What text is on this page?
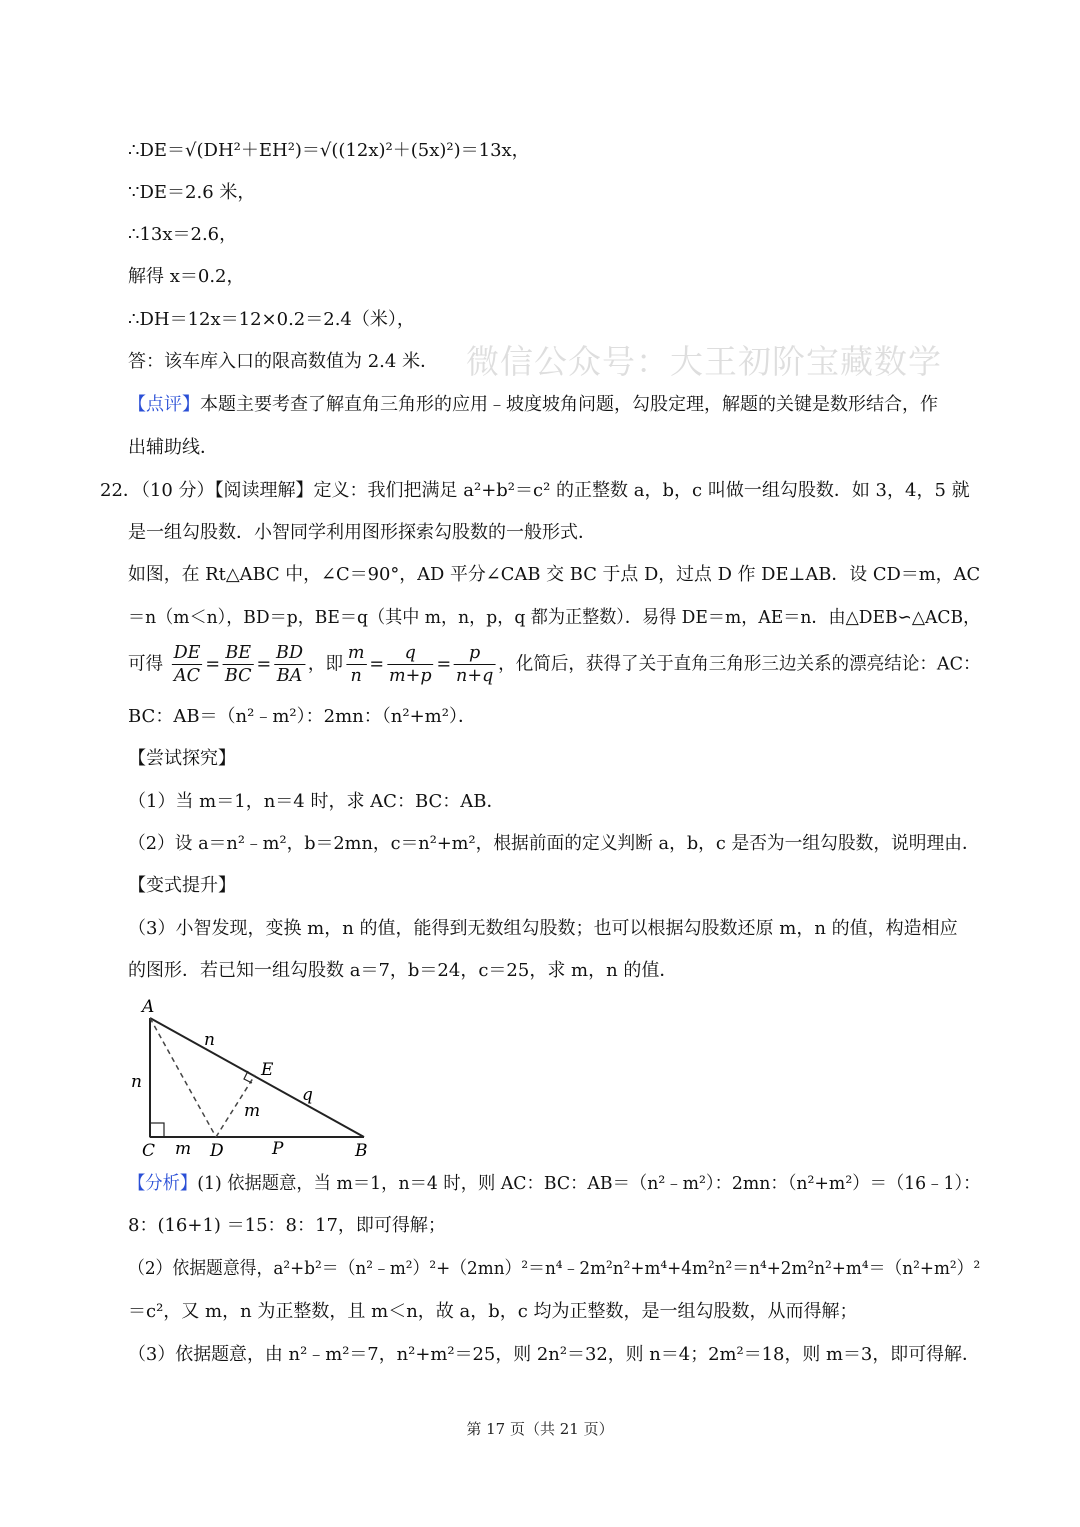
微信公众号：大王初阶宝藏数学
∴DE＝√(DH²＋EH²)＝√((12x)²＋(5x)²)＝13x，
∵DE＝2.6 米，
∴13x＝2.6，
解得 x＝0.2，
∴DH＝12x＝12×0.2＝2.4（米），
答：该车库入口的限高数值为 2.4 米．
【点评】本题主要考查了解直角三角形的应用﹣坡度坡角问题，勾股定理，解题的关键是数形结合，作
出辅助线．
22．（10 分）【阅读理解】定义：我们把满足 a²+b²＝c² 的正整数 a，b，c 叫做一组勾股数．如 3，4，5 就
是一组勾股数．小智同学利用图形探索勾股数的一般形式．
如图，在 Rt△ABC 中，∠C＝90°，AD 平分∠CAB 交 BC 于点 D，过点 D 作 DE⊥AB．设 CD＝m，AC
＝n（m＜n），BD＝p，BE＝q（其中 m，n，p，q 都为正整数）．易得 DE＝m，AE＝n．由△DEB∽△ACB，
可得 $\frac{DE}{AC} = \frac{BE}{BC} = \frac{BD}{BA}$ ，即 $\frac{m}{n} = \frac{q}{m+p} = \frac{p}{n+q}$ ，化简后，获得了关于直角三角形三边关系的漂亮结论：AC：
BC：AB＝（n²﹣m²）：2mn：（n²+m²）．
【尝试探究】
（1）当 m＝1，n＝4 时，求 AC：BC：AB．
（2）设 a＝n²﹣m²，b＝2mn，c＝n²+m²，根据前面的定义判断 a，b，c 是否为一组勾股数，说明理由．
【变式提升】
（3）小智发现，变换 m，n 的值，能得到无数组勾股数；也可以根据勾股数还原 m，n 的值，构造相应
的图形．若已知一组勾股数 a＝7，b＝24，c＝25，求 m，n 的值．
A
C	D	B
E
n
n
q
m
m	P
【分析】(1) 依据题意，当 m＝1，n＝4 时，则 AC：BC：AB＝（n²﹣m²）：2mn：（n²+m²）＝（16﹣1）：
8：(16+1) ＝15：8：17，即可得解；
（2）依据题意得，a²+b²＝（n²﹣m²）²+（2mn）²＝n⁴﹣2m²n²+m⁴+4m²n²＝n⁴+2m²n²+m⁴＝（n²+m²）²
＝c²，又 m，n 为正整数，且 m＜n，故 a，b，c 均为正整数，是一组勾股数，从而得解；
（3）依据题意，由 n²﹣m²＝7，n²+m²＝25，则 2n²＝32，则 n＝4；2m²＝18，则 m＝3，即可得解．
第 17 页（共 21 页）
